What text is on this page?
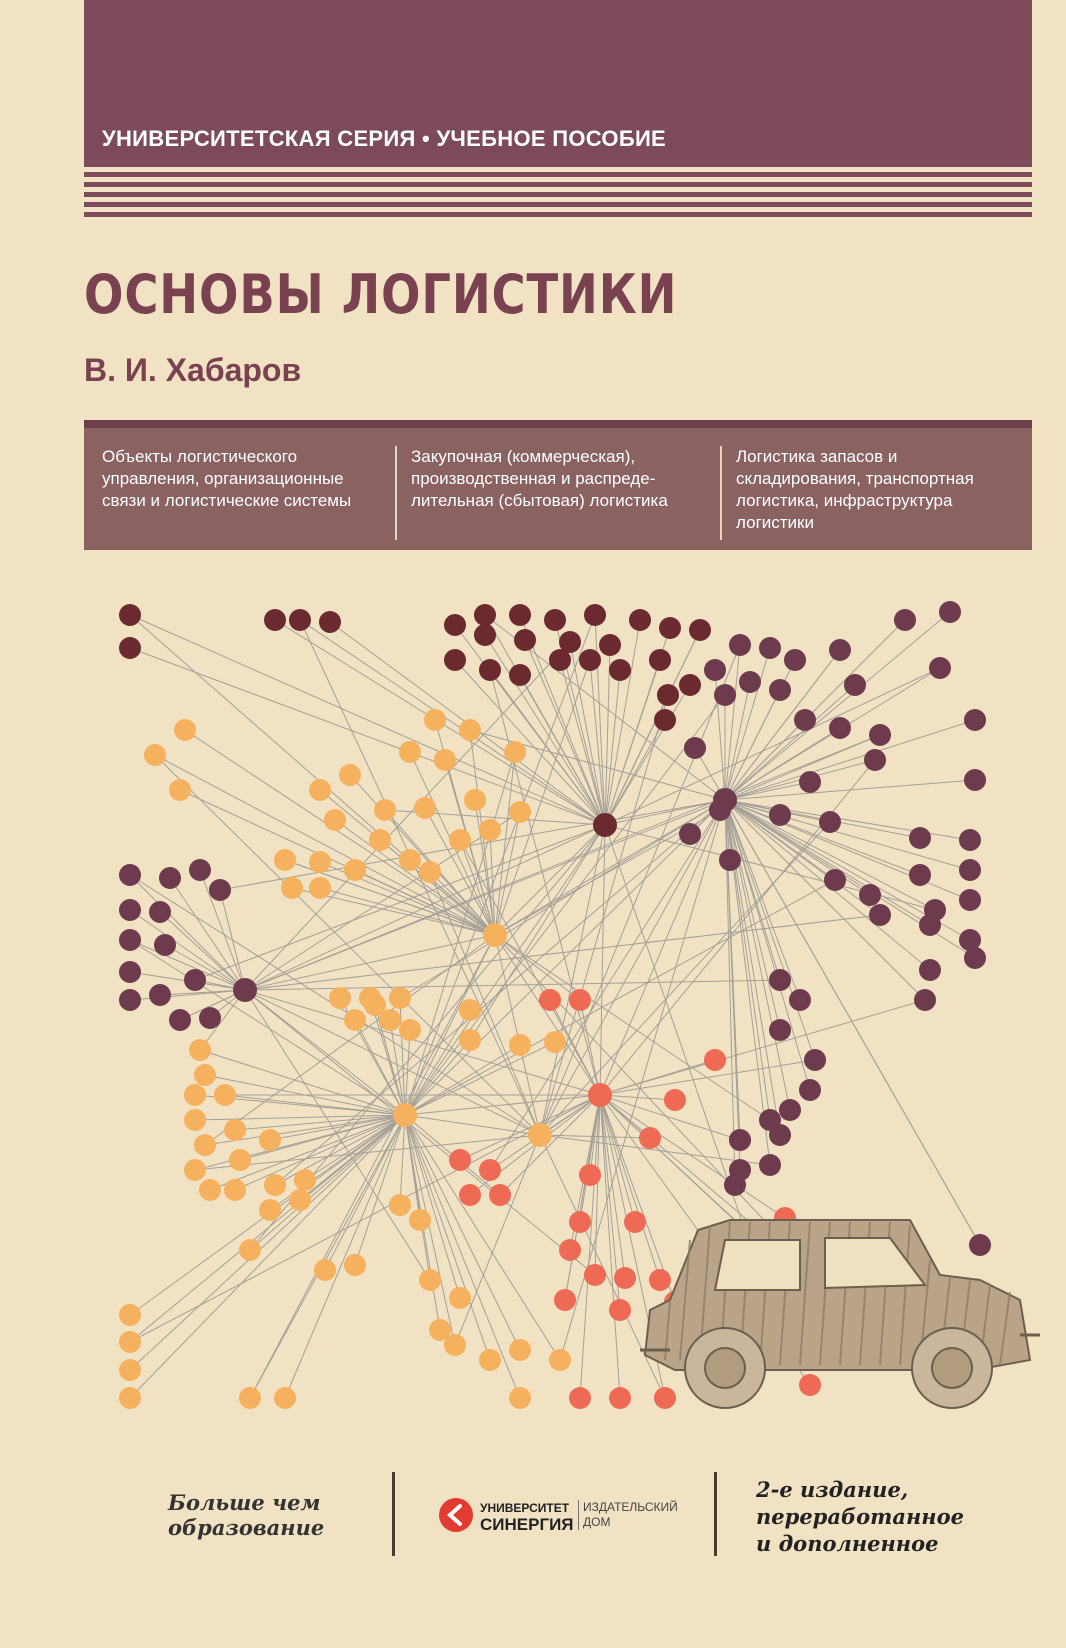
УНИВЕРСИТЕТСКАЯ СЕРИЯ • УЧЕБНОЕ ПОСОБИЕ
ОСНОВЫ ЛОГИСТИКИ
В. И. Хабаров
Объекты логистического управления, организационные связи и логистические системы
Закупочная (коммерческая), производственная и распреде- лительная (сбытовая) логистика
Логистика запасов и складирования, транспортная логистика, инфраструктура логистики
Больше чем
образование
УНИВЕРСИТЕТ
СИНЕРГИЯ
ИЗДАТЕЛЬСКИЙ
ДОМ
2-е издание,
переработанное
и дополненное
